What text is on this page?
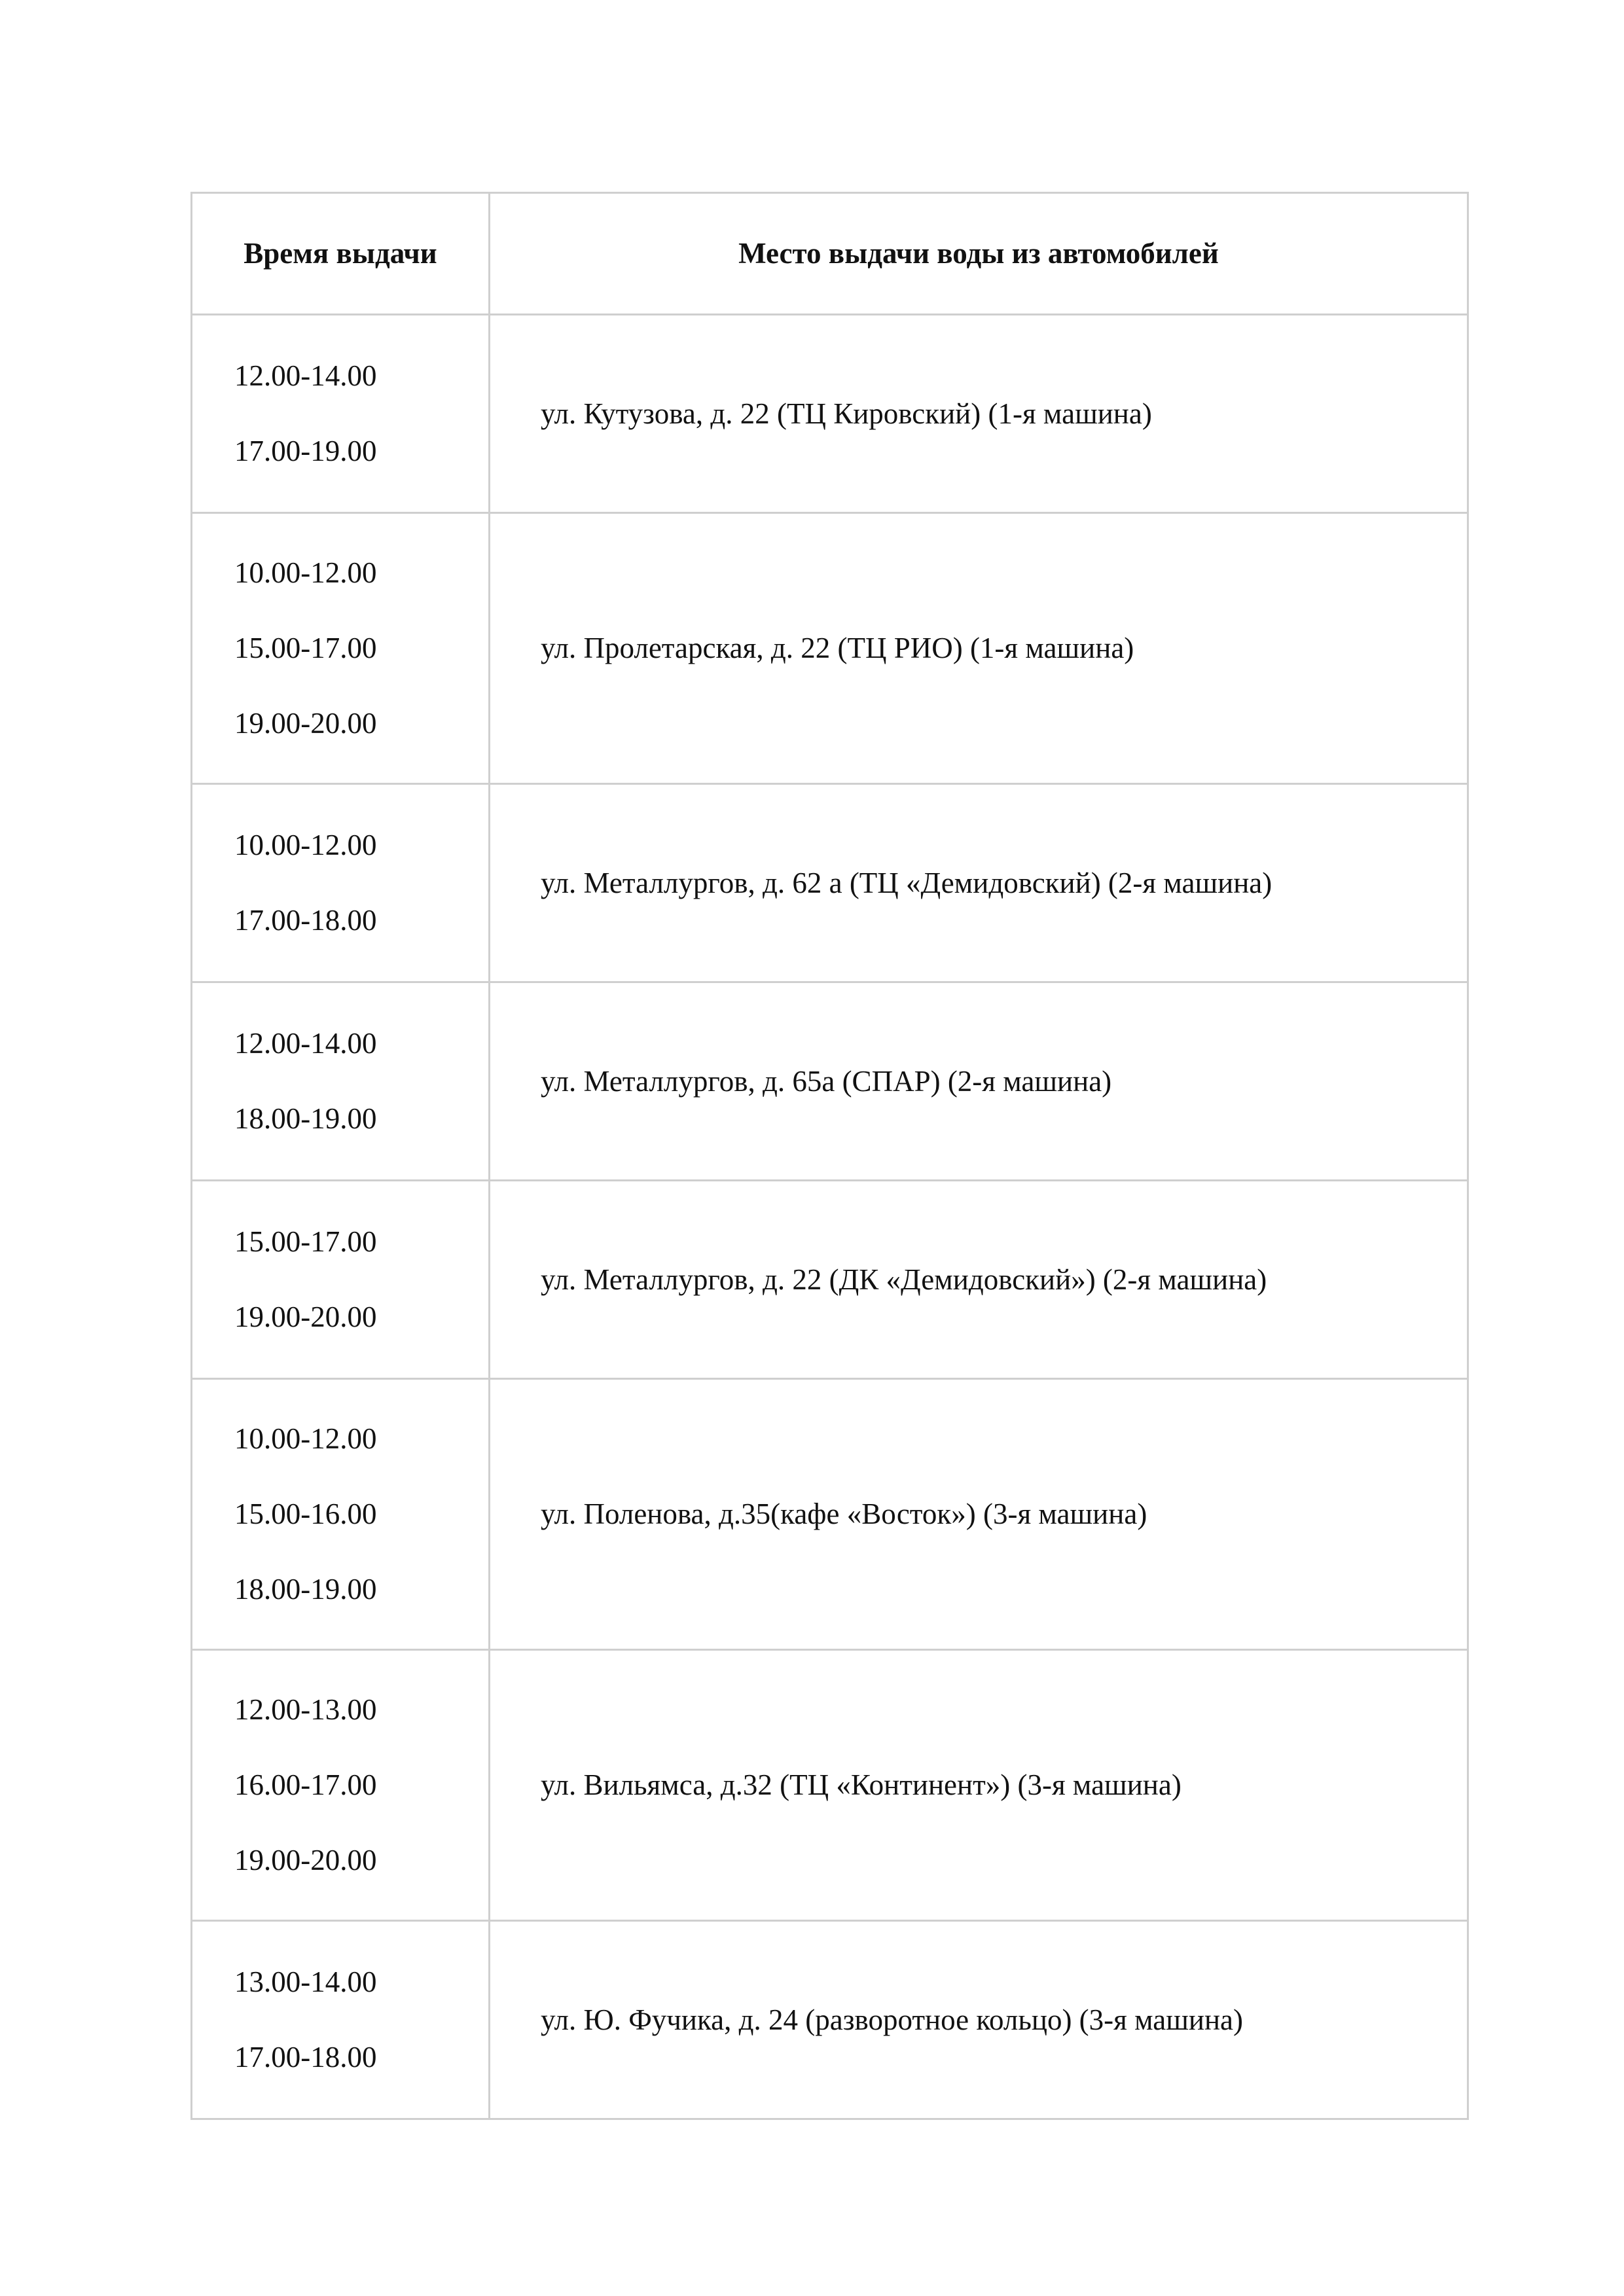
Время выдачи	Место выдачи воды из автомобилей

12.00-14.00
17.00-19.00	ул. Кутузова, д. 22 (ТЦ Кировский) (1-я машина)

10.00-12.00
15.00-17.00
19.00-20.00	ул. Пролетарская, д. 22 (ТЦ РИО) (1-я машина)

10.00-12.00
17.00-18.00	ул. Металлургов, д. 62 а (ТЦ «Демидовский) (2-я машина)

12.00-14.00
18.00-19.00	ул. Металлургов, д. 65а (СПАР) (2-я машина)

15.00-17.00
19.00-20.00	ул. Металлургов, д. 22 (ДК «Демидовский») (2-я машина)

10.00-12.00
15.00-16.00
18.00-19.00	ул. Поленова, д.35(кафе «Восток») (3-я машина)

12.00-13.00
16.00-17.00
19.00-20.00	ул. Вильямса, д.32 (ТЦ «Континент») (3-я машина)

13.00-14.00
17.00-18.00	ул. Ю. Фучика, д. 24 (разворотное кольцо) (3-я машина)
